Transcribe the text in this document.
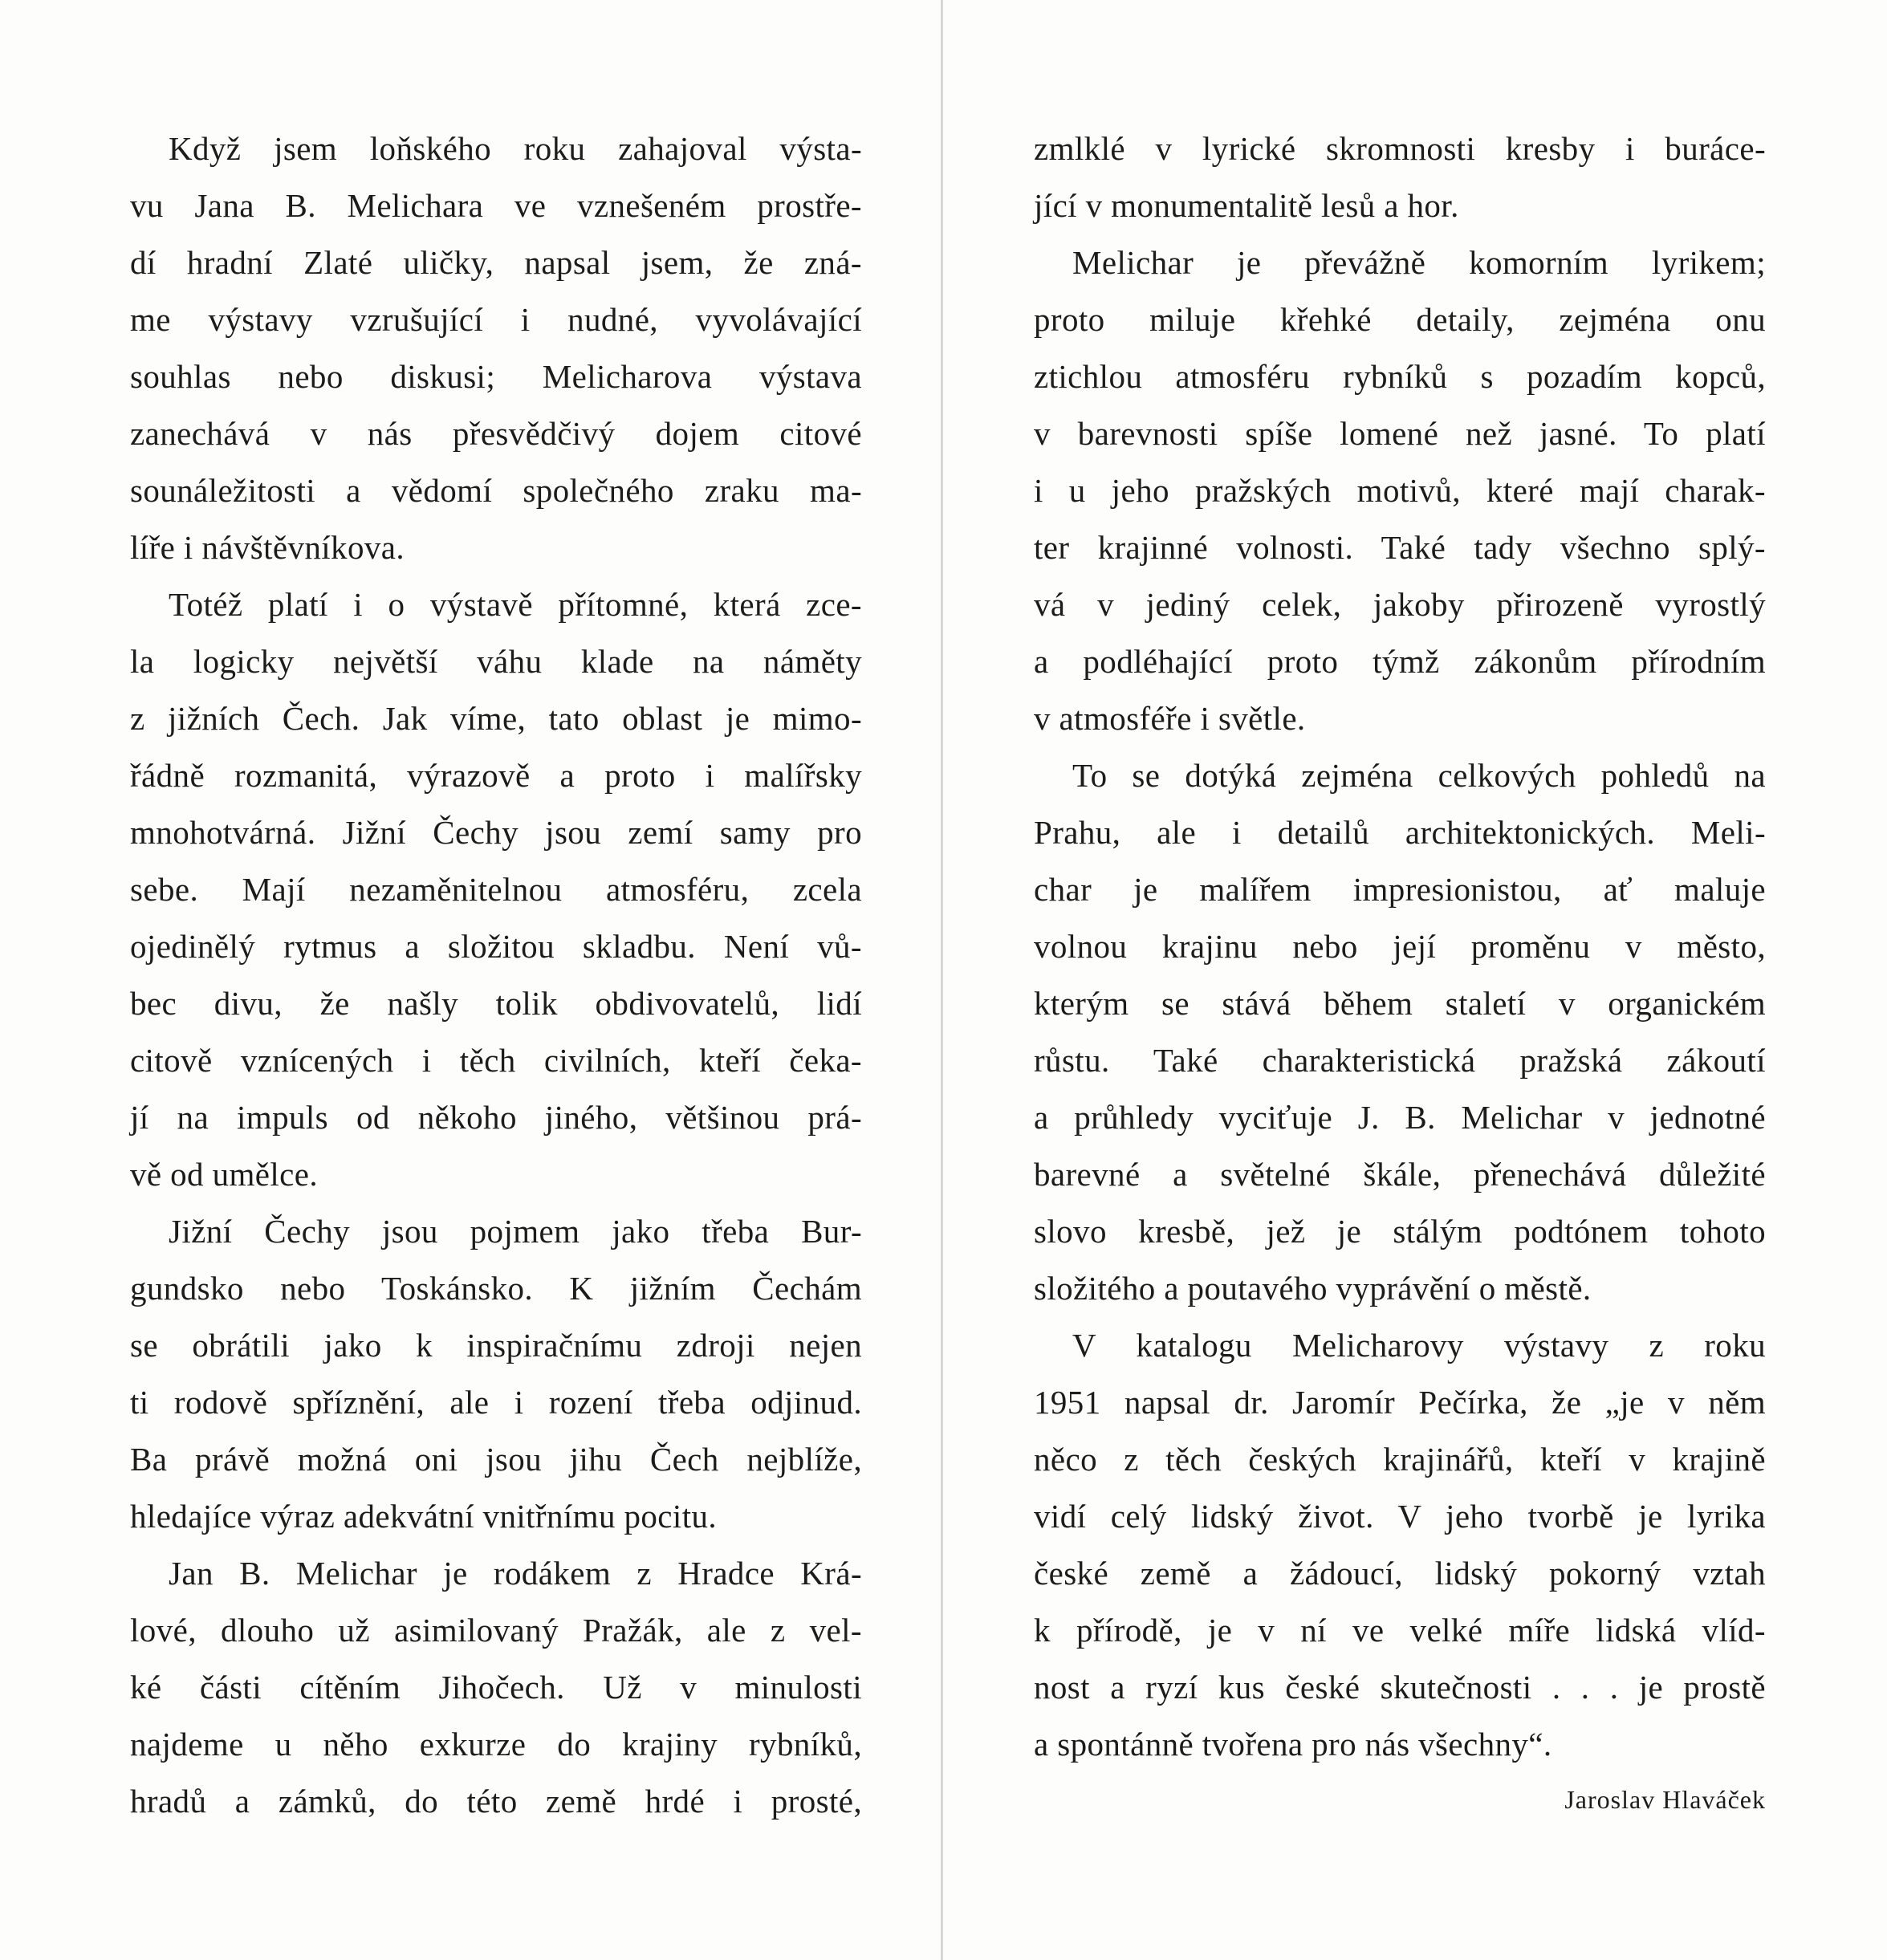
Když jsem loňského roku zahajoval výsta-
vu Jana B. Melichara ve vznešeném prostře-
dí hradní Zlaté uličky, napsal jsem, že zná-
me výstavy vzrušující i nudné, vyvolávající
souhlas nebo diskusi; Melicharova výstava
zanechává v nás přesvědčivý dojem citové
sounáležitosti a vědomí společného zraku ma-
líře i návštěvníkova.
Totéž platí i o výstavě přítomné, která zce-
la logicky největší váhu klade na náměty
z jižních Čech. Jak víme, tato oblast je mimo-
řádně rozmanitá, výrazově a proto i malířsky
mnohotvárná. Jižní Čechy jsou zemí samy pro
sebe. Mají nezaměnitelnou atmosféru, zcela
ojedinělý rytmus a složitou skladbu. Není vů-
bec divu, že našly tolik obdivovatelů, lidí
citově vznícených i těch civilních, kteří čeka-
jí na impuls od někoho jiného, většinou prá-
vě od umělce.
Jižní Čechy jsou pojmem jako třeba Bur-
gundsko nebo Toskánsko. K jižním Čechám
se obrátili jako k inspiračnímu zdroji nejen
ti rodově spříznění, ale i rození třeba odjinud.
Ba právě možná oni jsou jihu Čech nejblíže,
hledajíce výraz adekvátní vnitřnímu pocitu.
Jan B. Melichar je rodákem z Hradce Krá-
lové, dlouho už asimilovaný Pražák, ale z vel-
ké části cítěním Jihočech. Už v minulosti
najdeme u něho exkurze do krajiny rybníků,
hradů a zámků, do této země hrdé i prosté,
zmlklé v lyrické skromnosti kresby i buráce-
jící v monumentalitě lesů a hor.
Melichar je převážně komorním lyrikem;
proto miluje křehké detaily, zejména onu
ztichlou atmosféru rybníků s pozadím kopců,
v barevnosti spíše lomené než jasné. To platí
i u jeho pražských motivů, které mají charak-
ter krajinné volnosti. Také tady všechno splý-
vá v jediný celek, jakoby přirozeně vyrostlý
a podléhající proto týmž zákonům přírodním
v atmosféře i světle.
To se dotýká zejména celkových pohledů na
Prahu, ale i detailů architektonických. Meli-
char je malířem impresionistou, ať maluje
volnou krajinu nebo její proměnu v město,
kterým se stává během staletí v organickém
růstu. Také charakteristická pražská zákoutí
a průhledy vyciťuje J. B. Melichar v jednotné
barevné a světelné škále, přenechává důležité
slovo kresbě, jež je stálým podtónem tohoto
složitého a poutavého vyprávění o městě.
V katalogu Melicharovy výstavy z roku
1951 napsal dr. Jaromír Pečírka, že „je v něm
něco z těch českých krajinářů, kteří v krajině
vidí celý lidský život. V jeho tvorbě je lyrika
české země a žádoucí, lidský pokorný vztah
k přírodě, je v ní ve velké míře lidská vlíd-
nost a ryzí kus české skutečnosti . . . je prostě
a spontánně tvořena pro nás všechny“.
Jaroslav Hlaváček
